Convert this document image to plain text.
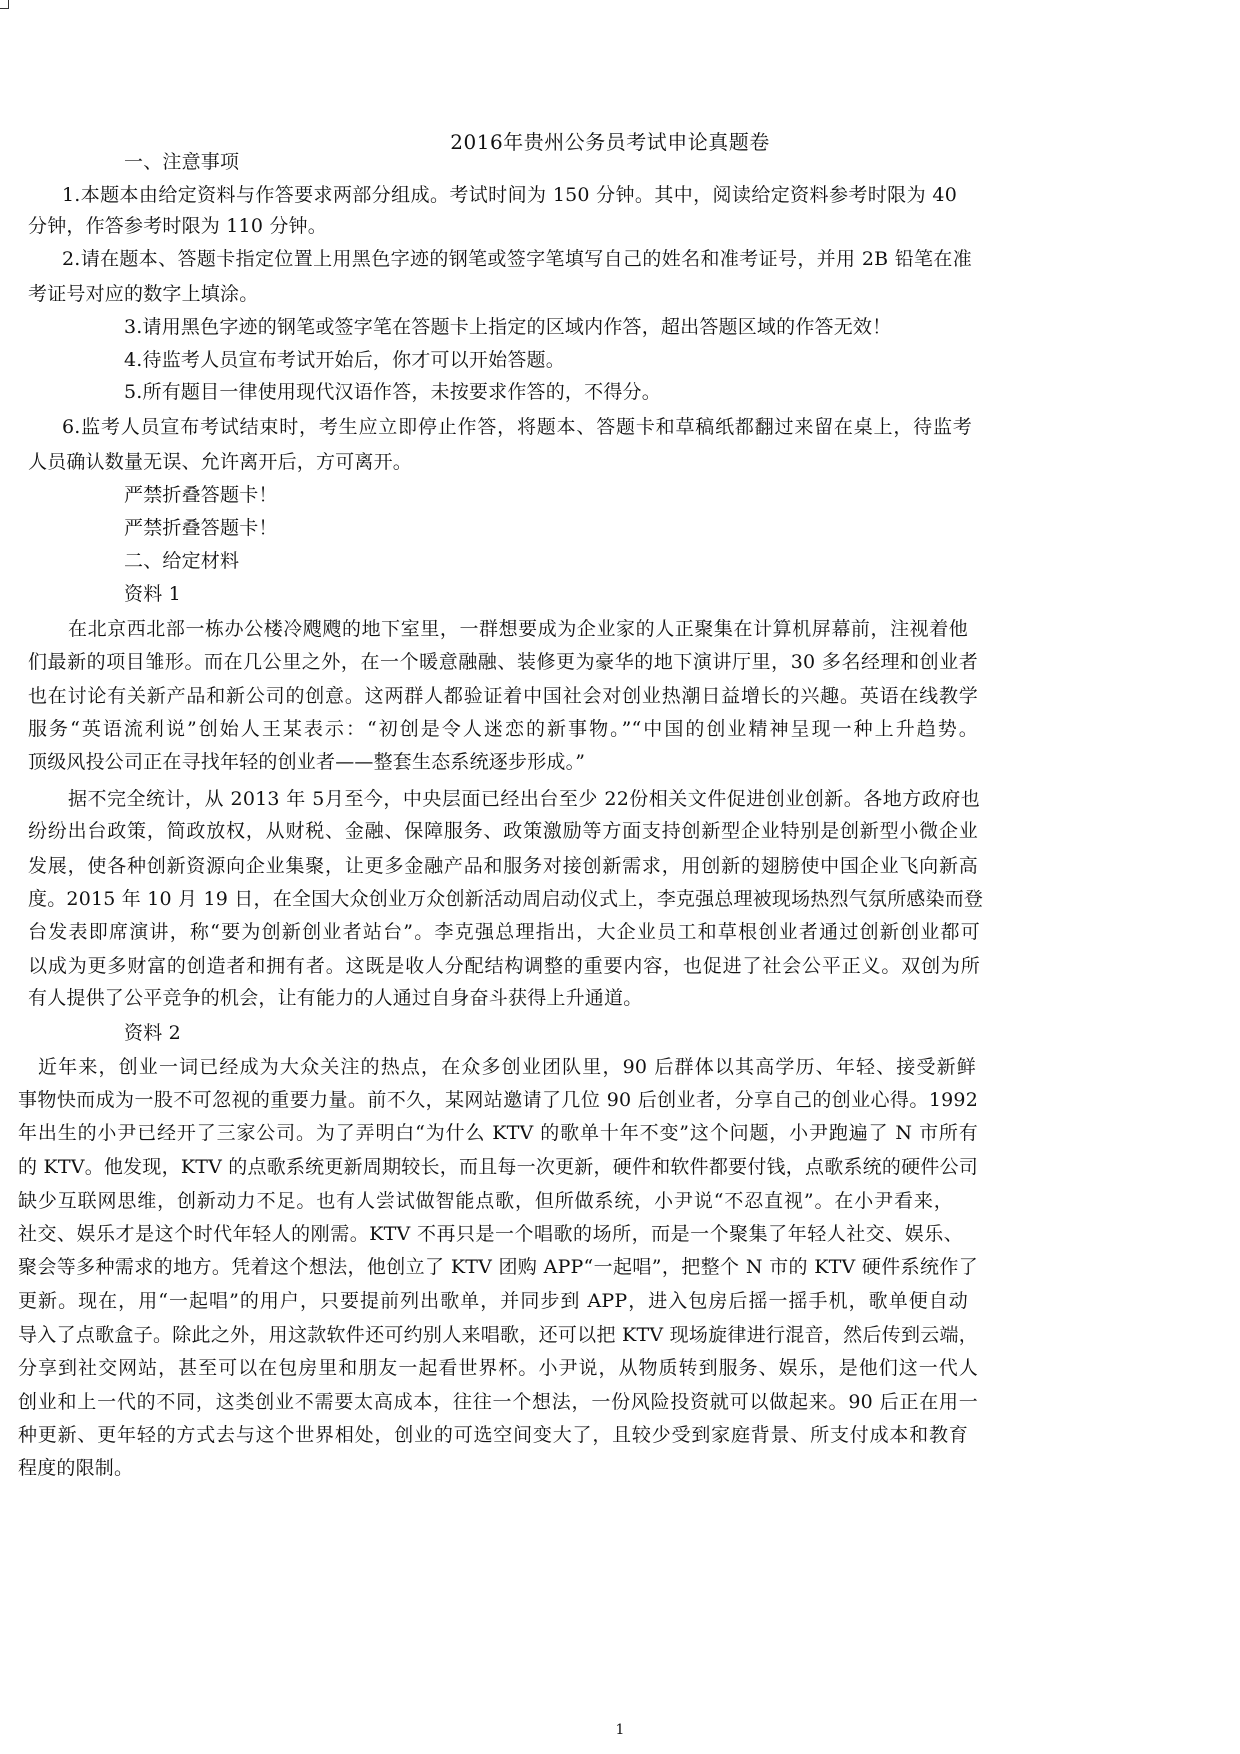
2016年贵州公务员考试申论真题卷
一、注意事项
1.本题本由给定资料与作答要求两部分组成。考试时间为 150 分钟。其中，阅读给定资料参考时限为 40
分钟，作答参考时限为 110 分钟。
2.请在题本、答题卡指定位置上用黑色字迹的钢笔或签字笔填写自己的姓名和准考证号，并用 2B 铅笔在准
考证号对应的数字上填涂。
3.请用黑色字迹的钢笔或签字笔在答题卡上指定的区域内作答，超出答题区域的作答无效！
4.待监考人员宣布考试开始后，你才可以开始答题。
5.所有题目一律使用现代汉语作答，未按要求作答的，不得分。
6.监考人员宣布考试结束时，考生应立即停止作答，将题本、答题卡和草稿纸都翻过来留在桌上，待监考
人员确认数量无误、允许离开后，方可离开。
严禁折叠答题卡！
严禁折叠答题卡！
二、给定材料
资料 1
在北京西北部一栋办公楼冷飕飕的地下室里，一群想要成为企业家的人正聚集在计算机屏幕前，注视着他
们最新的项目雏形。而在几公里之外，在一个暖意融融、装修更为豪华的地下演讲厅里，30 多名经理和创业者
也在讨论有关新产品和新公司的创意。这两群人都验证着中国社会对创业热潮日益增长的兴趣。英语在线教学
服务“英语流利说”创始人王某表示：“初创是令人迷恋的新事物。”“中国的创业精神呈现一种上升趋势。
顶级风投公司正在寻找年轻的创业者——整套生态系统逐步形成。”
据不完全统计，从 2013 年 5月至今，中央层面已经出台至少 22份相关文件促进创业创新。各地方政府也
纷纷出台政策，简政放权，从财税、金融、保障服务、政策激励等方面支持创新型企业特别是创新型小微企业
发展，使各种创新资源向企业集聚，让更多金融产品和服务对接创新需求，用创新的翅膀使中国企业飞向新高
度。2015 年 10 月 19 日，在全国大众创业万众创新活动周启动仪式上，李克强总理被现场热烈气氛所感染而登
台发表即席演讲，称“要为创新创业者站台”。李克强总理指出，大企业员工和草根创业者通过创新创业都可
以成为更多财富的创造者和拥有者。这既是收人分配结构调整的重要内容，也促进了社会公平正义。双创为所
有人提供了公平竞争的机会，让有能力的人通过自身奋斗获得上升通道。
资料 2
近年来，创业一词已经成为大众关注的热点，在众多创业团队里，90 后群体以其高学历、年轻、接受新鲜
事物快而成为一股不可忽视的重要力量。前不久，某网站邀请了几位 90 后创业者，分享自己的创业心得。1992
年出生的小尹已经开了三家公司。为了弄明白“为什么 KTV 的歌单十年不变”这个问题，小尹跑遍了 N 市所有
的 KTV。他发现，KTV 的点歌系统更新周期较长，而且每一次更新，硬件和软件都要付钱，点歌系统的硬件公司
缺少互联网思维，创新动力不足。也有人尝试做智能点歌，但所做系统，小尹说“不忍直视”。在小尹看来，
社交、娱乐才是这个时代年轻人的刚需。KTV 不再只是一个唱歌的场所，而是一个聚集了年轻人社交、娱乐、
聚会等多种需求的地方。凭着这个想法，他创立了 KTV 团购 APP“一起唱”，把整个 N 市的 KTV 硬件系统作了
更新。现在，用“一起唱”的用户，只要提前列出歌单，并同步到 APP，进入包房后摇一摇手机，歌单便自动
导入了点歌盒子。除此之外，用这款软件还可约别人来唱歌，还可以把 KTV 现场旋律进行混音，然后传到云端，
分享到社交网站，甚至可以在包房里和朋友一起看世界杯。小尹说，从物质转到服务、娱乐，是他们这一代人
创业和上一代的不同，这类创业不需要太高成本，往往一个想法，一份风险投资就可以做起来。90 后正在用一
种更新、更年轻的方式去与这个世界相处，创业的可选空间变大了，且较少受到家庭背景、所支付成本和教育
程度的限制。
1
